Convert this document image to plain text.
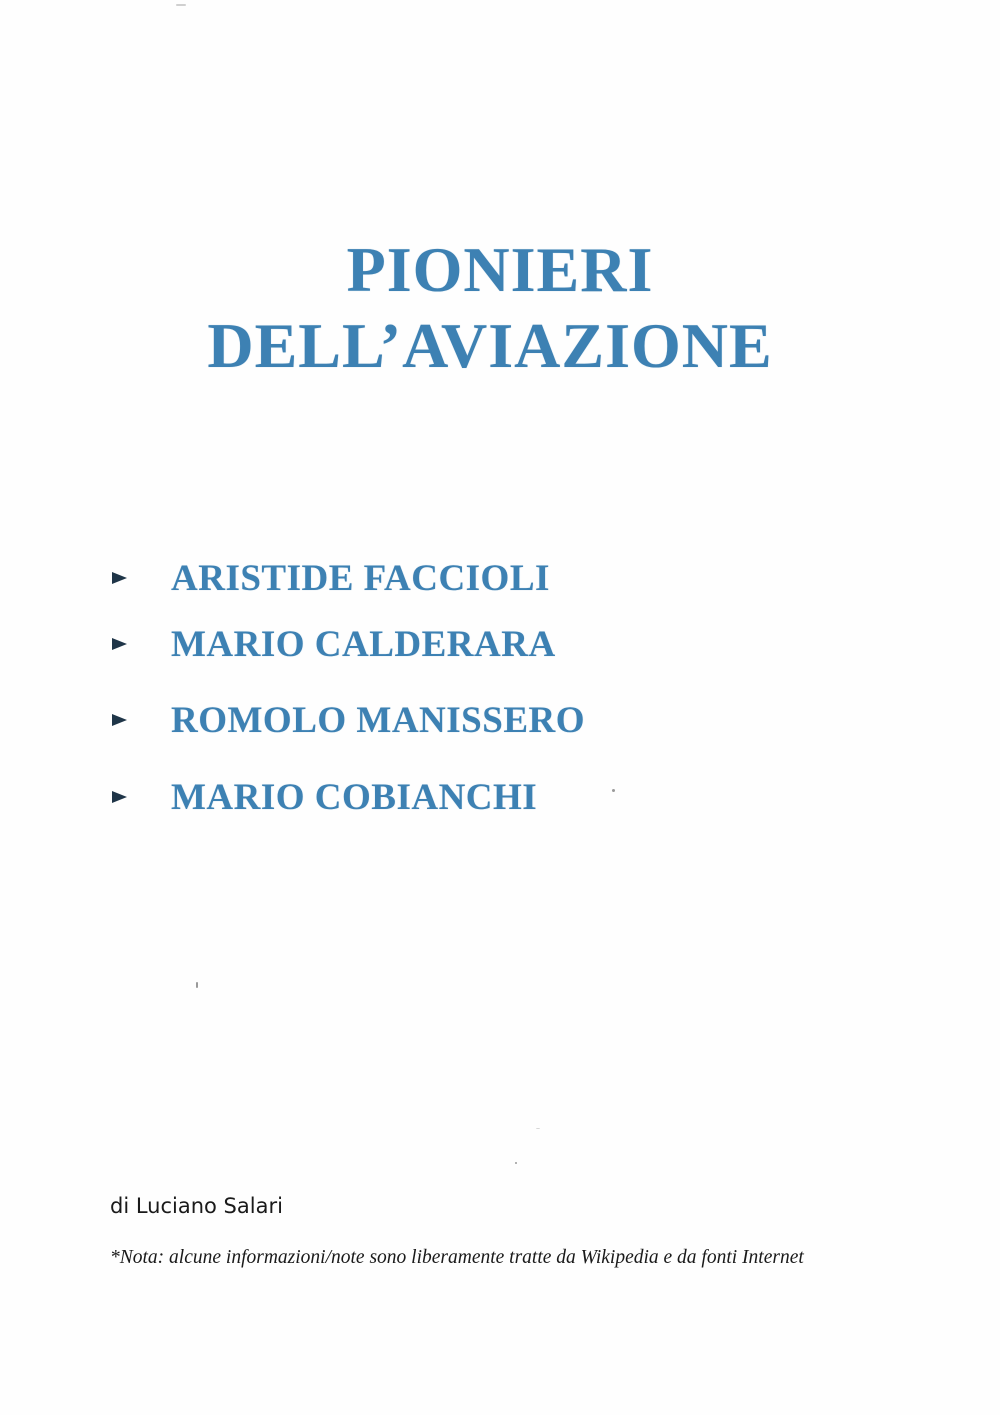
PIONIERI
DELL’AVIAZIONE
ARISTIDE FACCIOLI
MARIO CALDERARA
ROMOLO MANISSERO
MARIO COBIANCHI
di Luciano Salari
*Nota: alcune informazioni/note sono liberamente tratte da Wikipedia e da fonti Internet
